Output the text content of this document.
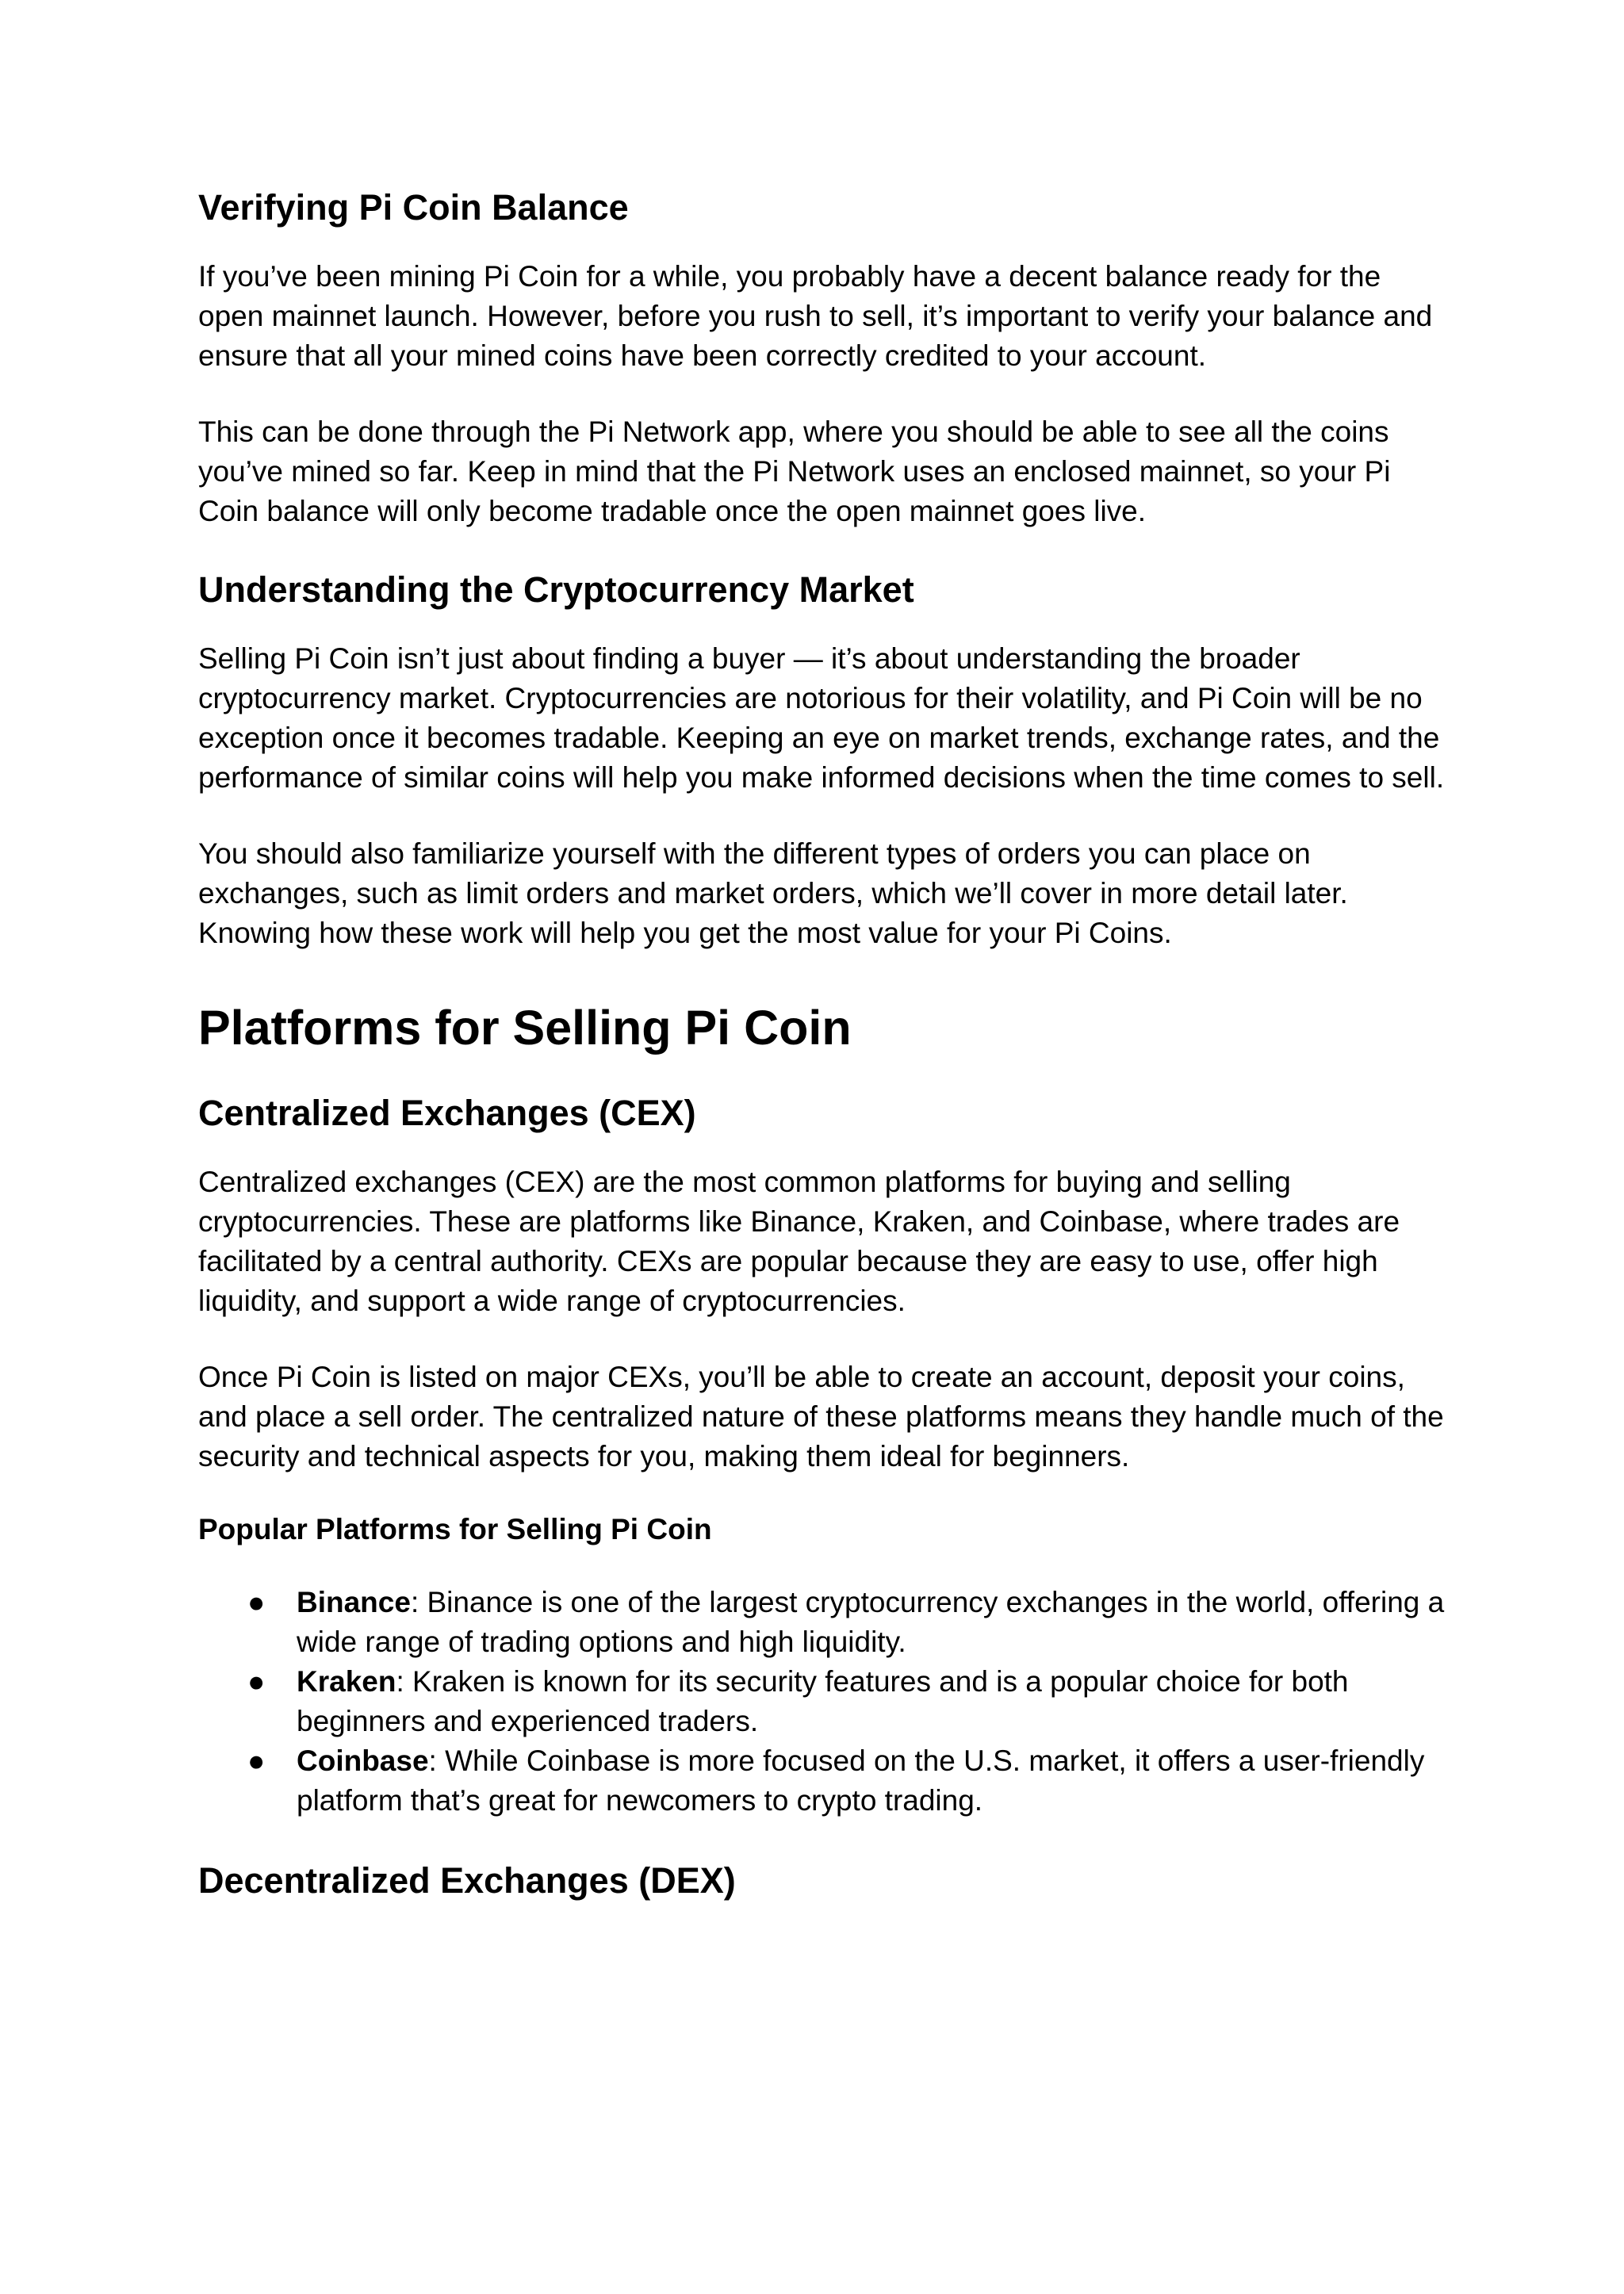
Verifying Pi Coin Balance

If you’ve been mining Pi Coin for a while, you probably have a decent balance ready for the open mainnet launch. However, before you rush to sell, it’s important to verify your balance and ensure that all your mined coins have been correctly credited to your account.

This can be done through the Pi Network app, where you should be able to see all the coins you’ve mined so far. Keep in mind that the Pi Network uses an enclosed mainnet, so your Pi Coin balance will only become tradable once the open mainnet goes live.

Understanding the Cryptocurrency Market

Selling Pi Coin isn’t just about finding a buyer — it’s about understanding the broader cryptocurrency market. Cryptocurrencies are notorious for their volatility, and Pi Coin will be no exception once it becomes tradable. Keeping an eye on market trends, exchange rates, and the performance of similar coins will help you make informed decisions when the time comes to sell.

You should also familiarize yourself with the different types of orders you can place on exchanges, such as limit orders and market orders, which we’ll cover in more detail later. Knowing how these work will help you get the most value for your Pi Coins.

Platforms for Selling Pi Coin
Centralized Exchanges (CEX)

Centralized exchanges (CEX) are the most common platforms for buying and selling cryptocurrencies. These are platforms like Binance, Kraken, and Coinbase, where trades are facilitated by a central authority. CEXs are popular because they are easy to use, offer high liquidity, and support a wide range of cryptocurrencies.

Once Pi Coin is listed on major CEXs, you’ll be able to create an account, deposit your coins, and place a sell order. The centralized nature of these platforms means they handle much of the security and technical aspects for you, making them ideal for beginners.

Popular Platforms for Selling Pi Coin
● Binance: Binance is one of the largest cryptocurrency exchanges in the world, offering a wide range of trading options and high liquidity.
● Kraken: Kraken is known for its security features and is a popular choice for both beginners and experienced traders.
● Coinbase: While Coinbase is more focused on the U.S. market, it offers a user-friendly platform that’s great for newcomers to crypto trading.
Decentralized Exchanges (DEX)
